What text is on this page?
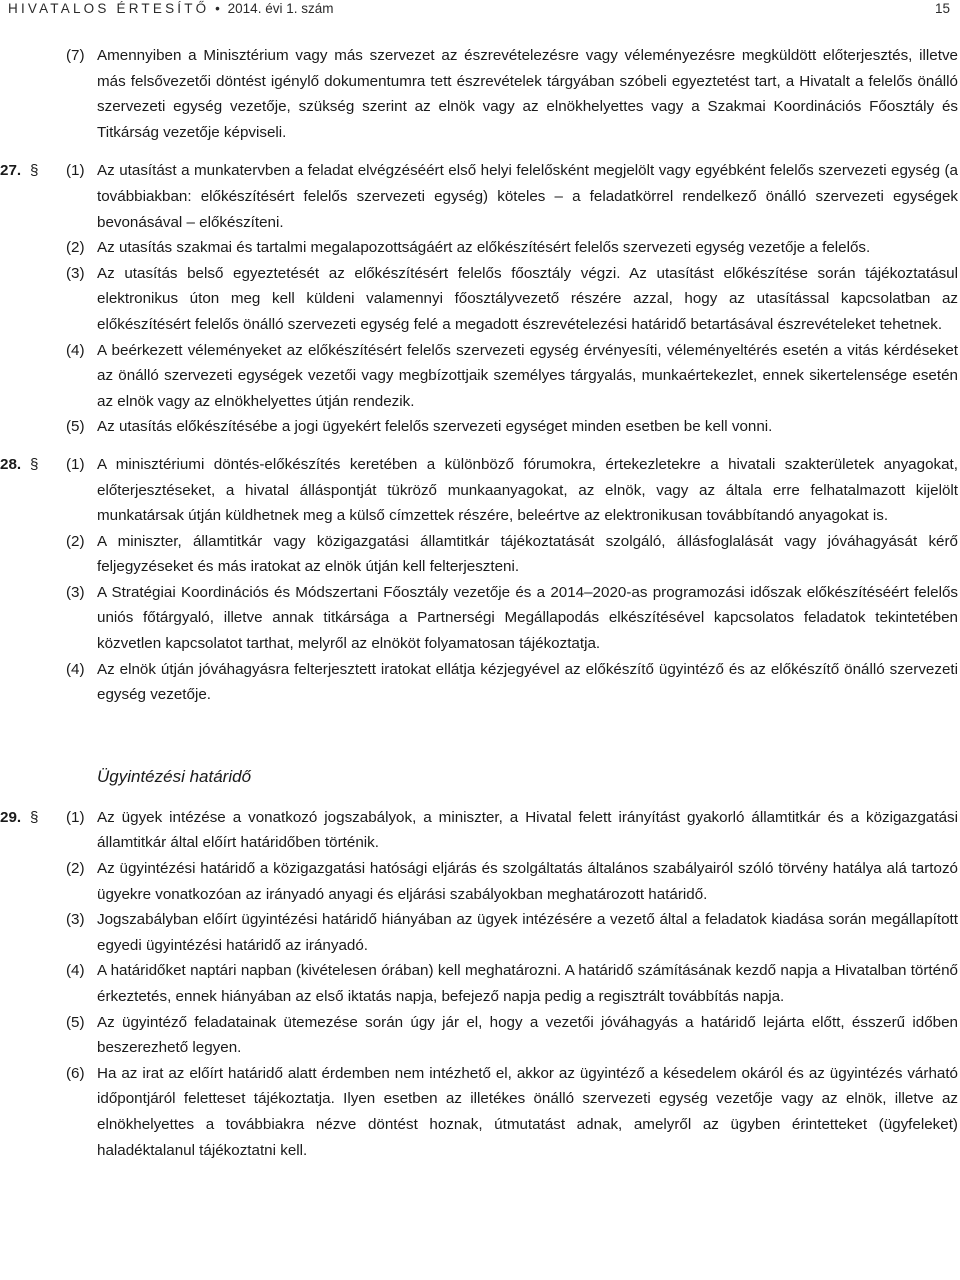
HIVATALOS ÉRTESÍTŐ • 2014. évi 1. szám	15
(7) Amennyiben a Minisztérium vagy más szervezet az észrevételezésre vagy véleményezésre megküldött előterjesztés, illetve más felsővezetői döntést igénylő dokumentumra tett észrevételek tárgyában szóbeli egyeztetést tart, a Hivatalt a felelős önálló szervezeti egység vezetője, szükség szerint az elnök vagy az elnökhelyettes vagy a Szakmai Koordinációs Főosztály és Titkárság vezetője képviseli.
27. § (1) Az utasítást a munkatervben a feladat elvégzéséért első helyi felelősként megjelölt vagy egyébként felelős szervezeti egység (a továbbiakban: előkészítésért felelős szervezeti egység) köteles – a feladatkörrel rendelkező önálló szervezeti egységek bevonásával – előkészíteni.
(2) Az utasítás szakmai és tartalmi megalapozottságáért az előkészítésért felelős szervezeti egység vezetője a felelős.
(3) Az utasítás belső egyeztetését az előkészítésért felelős főosztály végzi. Az utasítást előkészítése során tájékoztatásul elektronikus úton meg kell küldeni valamennyi főosztályvezető részére azzal, hogy az utasítással kapcsolatban az előkészítésért felelős önálló szervezeti egység felé a megadott észrevételezési határidő betartásával észrevételeket tehetnek.
(4) A beérkezett véleményeket az előkészítésért felelős szervezeti egység érvényesíti, véleményeltérés esetén a vitás kérdéseket az önálló szervezeti egységek vezetői vagy megbízottjaik személyes tárgyalás, munkaértekezlet, ennek sikertelensége esetén az elnök vagy az elnökhelyettes útján rendezik.
(5) Az utasítás előkészítésébe a jogi ügyekért felelős szervezeti egységet minden esetben be kell vonni.
28. § (1) A minisztériumi döntés-előkészítés keretében a különböző fórumokra, értekezletekre a hivatali szakterületek anyagokat, előterjesztéseket, a hivatal álláspontját tükröző munkaanyagokat, az elnök, vagy az általa erre felhatalmazott kijelölt munkatársak útján küldhetnek meg a külső címzettek részére, beleértve az elektronikusan továbbítandó anyagokat is.
(2) A miniszter, államtitkár vagy közigazgatási államtitkár tájékoztatását szolgáló, állásfoglalását vagy jóváhagyását kérő feljegyzéseket és más iratokat az elnök útján kell felterjeszteni.
(3) A Stratégiai Koordinációs és Módszertani Főosztály vezetője és a 2014–2020-as programozási időszak előkészítéséért felelős uniós főtárgyaló, illetve annak titkársága a Partnerségi Megállapodás elkészítésével kapcsolatos feladatok tekintetében közvetlen kapcsolatot tarthat, melyről az elnököt folyamatosan tájékoztatja.
(4) Az elnök útján jóváhagyásra felterjesztett iratokat ellátja kézjegyével az előkészítő ügyintéző és az előkészítő önálló szervezeti egység vezetője.
Ügyintézési határidő
29. § (1) Az ügyek intézése a vonatkozó jogszabályok, a miniszter, a Hivatal felett irányítást gyakorló államtitkár és a közigazgatási államtitkár által előírt határidőben történik.
(2) Az ügyintézési határidő a közigazgatási hatósági eljárás és szolgáltatás általános szabályairól szóló törvény hatálya alá tartozó ügyekre vonatkozóan az irányadó anyagi és eljárási szabályokban meghatározott határidő.
(3) Jogszabályban előírt ügyintézési határidő hiányában az ügyek intézésére a vezető által a feladatok kiadása során megállapított egyedi ügyintézési határidő az irányadó.
(4) A határidőket naptári napban (kivételesen órában) kell meghatározni. A határidő számításának kezdő napja a Hivatalban történő érkeztetés, ennek hiányában az első iktatás napja, befejező napja pedig a regisztrált továbbítás napja.
(5) Az ügyintéző feladatainak ütemezése során úgy jár el, hogy a vezetői jóváhagyás a határidő lejárta előtt, ésszerű időben beszerezhető legyen.
(6) Ha az irat az előírt határidő alatt érdemben nem intézhető el, akkor az ügyintéző a késedelem okáról és az ügyintézés várható időpontjáról feletteset tájékoztatja. Ilyen esetben az illetékes önálló szervezeti egység vezetője vagy az elnök, illetve az elnökhelyettes a továbbiakra nézve döntést hoznak, útmutatást adnak, amelyről az ügyben érintetteket (ügyfeleket) haladéktalanul tájékoztatni kell.
